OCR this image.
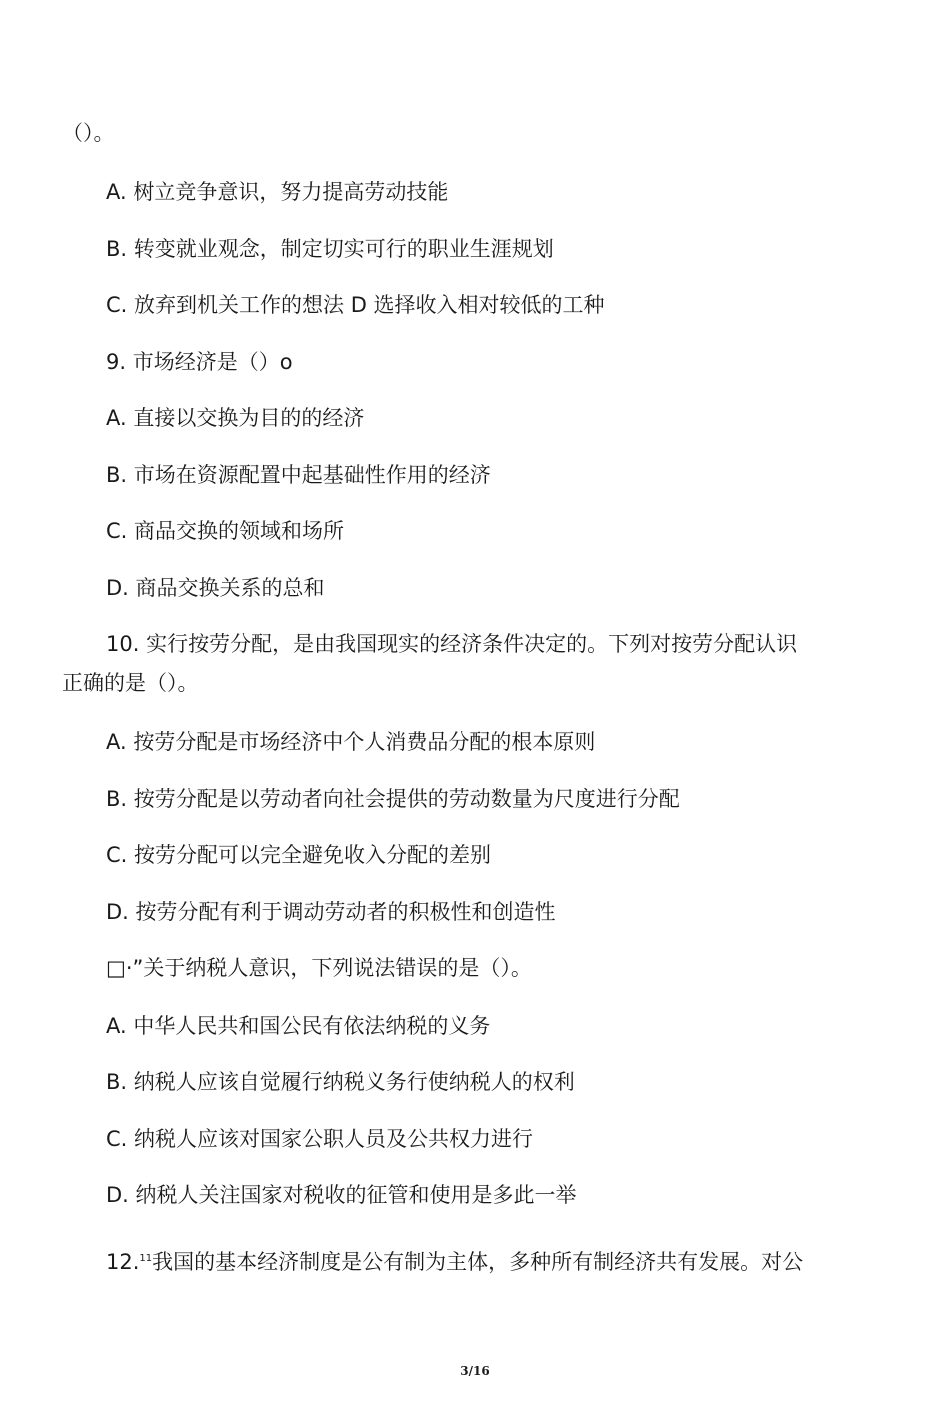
（）。
A. 树立竞争意识，努力提高劳动技能
B. 转变就业观念，制定切实可行的职业生涯规划
C. 放弃到机关工作的想法 D 选择收入相对较低的工种
9. 市场经济是（）o
A. 直接以交换为目的的经济
B. 市场在资源配置中起基础性作用的经济
C. 商品交换的领域和场所
D. 商品交换关系的总和
10. 实行按劳分配，是由我国现实的经济条件决定的。下列对按劳分配认识
正确的是（）。
A. 按劳分配是市场经济中个人消费品分配的根本原则
B. 按劳分配是以劳动者向社会提供的劳动数量为尺度进行分配
C. 按劳分配可以完全避免收入分配的差别
D. 按劳分配有利于调动劳动者的积极性和创造性
□·”关于纳税人意识，下列说法错误的是（）。
A. 中华人民共和国公民有依法纳税的义务
B. 纳税人应该自觉履行纳税义务行使纳税人的权利
C. 纳税人应该对国家公职人员及公共权力进行
D. 纳税人关注国家对税收的征管和使用是多此一举
12.11我国的基本经济制度是公有制为主体，多种所有制经济共有发展。对公
3/16
